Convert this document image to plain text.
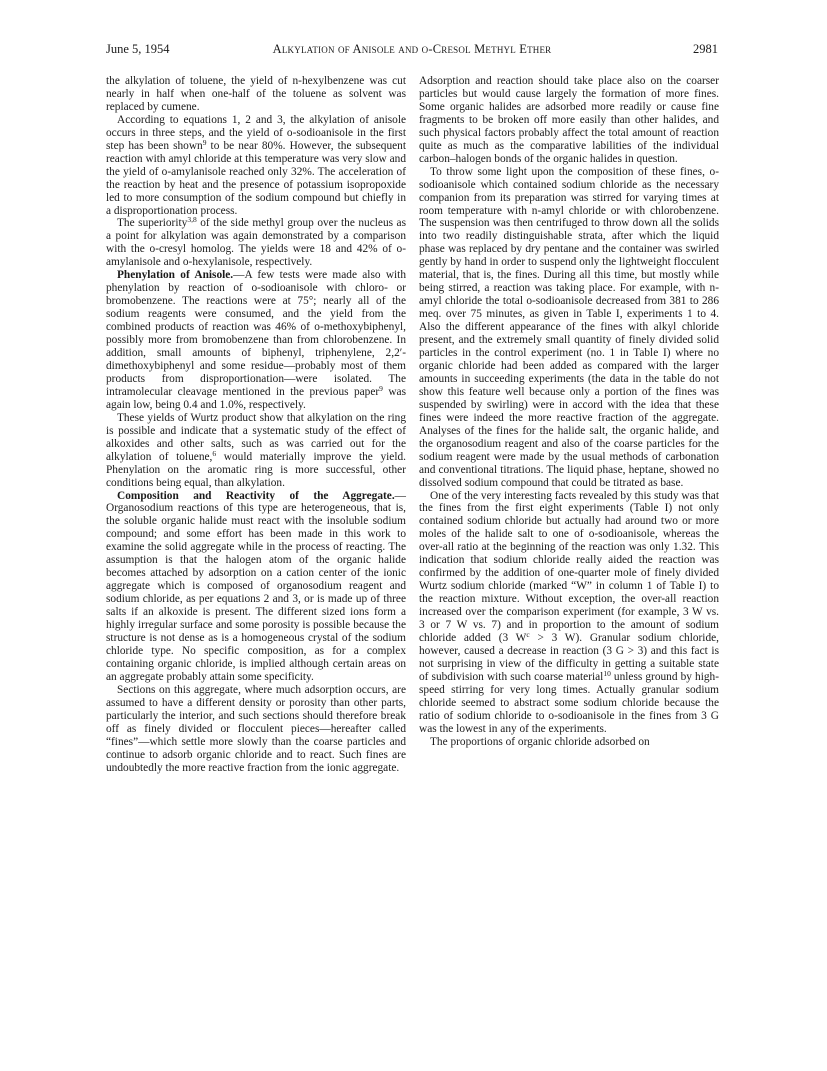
June 5, 1954	Alkylation of Anisole and o-Cresol Methyl Ether	2981

the alkylation of toluene, the yield of n-hexylbenzene was cut nearly in half when one-half of the toluene as solvent was replaced by cumene.

According to equations 1, 2 and 3, the alkylation of anisole occurs in three steps, and the yield of o-sodioanisole in the first step has been shown$^9$ to be near 80%. However, the subsequent reaction with amyl chloride at this temperature was very slow and the yield of o-amylanisole reached only 32%. The acceleration of the reaction by heat and the presence of potassium isopropoxide led to more consumption of the sodium compound but chiefly in a disproportionation process.

The superiority$^{3,8}$ of the side methyl group over the nucleus as a point for alkylation was again demonstrated by a comparison with the o-cresyl homolog. The yields were 18 and 42% of o-amylanisole and o-hexylanisole, respectively.

Phenylation of Anisole.—A few tests were made also with phenylation by reaction of o-sodioanisole with chloro- or bromobenzene. The reactions were at 75°; nearly all of the sodium reagents were consumed, and the yield from the combined products of reaction was 46% of o-methoxybiphenyl, possibly more from bromobenzene than from chlorobenzene. In addition, small amounts of biphenyl, triphenylene, 2,2′-dimethoxybiphenyl and some residue—probably most of them products from disproportionation—were isolated. The intramolecular cleavage mentioned in the previous paper$^9$ was again low, being 0.4 and 1.0%, respectively.

These yields of Wurtz product show that alkylation on the ring is possible and indicate that a systematic study of the effect of alkoxides and other salts, such as was carried out for the alkylation of toluene,$^6$ would materially improve the yield. Phenylation on the aromatic ring is more successful, other conditions being equal, than alkylation.

Composition and Reactivity of the Aggregate.—Organosodium reactions of this type are heterogeneous, that is, the soluble organic halide must react with the insoluble sodium compound; and some effort has been made in this work to examine the solid aggregate while in the process of reacting. The assumption is that the halogen atom of the organic halide becomes attached by adsorption on a cation center of the ionic aggregate which is composed of organosodium reagent and sodium chloride, as per equations 2 and 3, or is made up of three salts if an alkoxide is present. The different sized ions form a highly irregular surface and some porosity is possible because the structure is not dense as is a homogeneous crystal of the sodium chloride type. No specific composition, as for a complex containing organic chloride, is implied although certain areas on an aggregate probably attain some specificity.

Sections on this aggregate, where much adsorption occurs, are assumed to have a different density or porosity than other parts, particularly the interior, and such sections should therefore break off as finely divided or flocculent pieces—hereafter called “fines”—which settle more slowly than the coarse particles and continue to adsorb organic chloride and to react. Such fines are undoubtedly the more reactive fraction from the ionic aggregate.

Adsorption and reaction should take place also on the coarser particles but would cause largely the formation of more fines. Some organic halides are adsorbed more readily or cause fine fragments to be broken off more easily than other halides, and such physical factors probably affect the total amount of reaction quite as much as the comparative labilities of the individual carbon–halogen bonds of the organic halides in question.

To throw some light upon the composition of these fines, o-sodioanisole which contained sodium chloride as the necessary companion from its preparation was stirred for varying times at room temperature with n-amyl chloride or with chlorobenzene. The suspension was then centrifuged to throw down all the solids into two readily distinguishable strata, after which the liquid phase was replaced by dry pentane and the container was swirled gently by hand in order to suspend only the lightweight flocculent material, that is, the fines. During all this time, but mostly while being stirred, a reaction was taking place. For example, with n-amyl chloride the total o-sodioanisole decreased from 381 to 286 meq. over 75 minutes, as given in Table I, experiments 1 to 4. Also the different appearance of the fines with alkyl chloride present, and the extremely small quantity of finely divided solid particles in the control experiment (no. 1 in Table I) where no organic chloride had been added as compared with the larger amounts in succeeding experiments (the data in the table do not show this feature well because only a portion of the fines was suspended by swirling) were in accord with the idea that these fines were indeed the more reactive fraction of the aggregate. Analyses of the fines for the halide salt, the organic halide, and the organosodium reagent and also of the coarse particles for the sodium reagent were made by the usual methods of carbonation and conventional titrations. The liquid phase, heptane, showed no dissolved sodium compound that could be titrated as base.

One of the very interesting facts revealed by this study was that the fines from the first eight experiments (Table I) not only contained sodium chloride but actually had around two or more moles of the halide salt to one of o-sodioanisole, whereas the over-all ratio at the beginning of the reaction was only 1.32. This indication that sodium chloride really aided the reaction was confirmed by the addition of one-quarter mole of finely divided Wurtz sodium chloride (marked “W” in column 1 of Table I) to the reaction mixture. Without exception, the over-all reaction increased over the comparison experiment (for example, 3 W vs. 3 or 7 W vs. 7) and in proportion to the amount of sodium chloride added (3 $W^c > 3$ W). Granular sodium chloride, however, caused a decrease in reaction (3 G > 3) and this fact is not surprising in view of the difficulty in getting a suitable state of subdivision with such coarse material$^{10}$ unless ground by high-speed stirring for very long times. Actually granular sodium chloride seemed to abstract some sodium chloride because the ratio of sodium chloride to o-sodioanisole in the fines from 3 G was the lowest in any of the experiments.

The proportions of organic chloride adsorbed on
